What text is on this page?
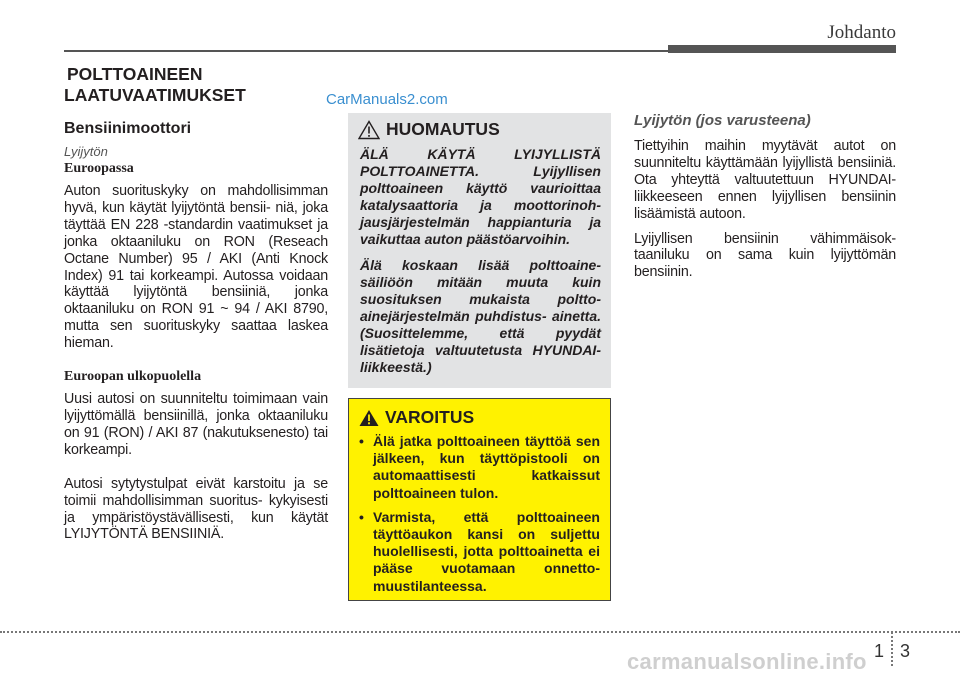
Johdanto
POLTTOAINEEN
LAATUVAATIMUKSET
Bensiinimoottori
Lyijytön
Euroopassa

Auton suorituskyky on mahdollisimman hyvä, kun käytät lyijytöntä bensii- niä, joka täyttää EN 228 -standardin vaatimukset ja jonka oktaaniluku on RON (Reseach Octane Number) 95 / AKI (Anti Knock Index) 91 tai korkeampi. Autossa voidaan käyttää lyijytöntä bensiiniä, jonka oktaaniluku on RON 91 ~ 94 / AKI 8790, mutta sen suorituskyky saattaa laskea hieman.

Euroopan ulkopuolella

Uusi autosi on suunniteltu toimimaan vain lyijyttömällä bensiinillä, jonka oktaaniluku on 91 (RON) / AKI 87 (nakutuksenesto) tai korkeampi.

Autosi sytytystulpat eivät karstoitu ja se toimii mahdollisimman suoritus- kykyisesti ja ympäristöystävällisesti, kun käytät LYIJYTÖNTÄ BENSIINIÄ.

CarManuals2.com
HUOMAUTUS

ÄLÄ KÄYTÄ LYIJYLLISTÄ POLTTOAINETTA. Lyijyllisen polttoaineen käyttö vaurioittaa katalysaattoria ja moottorinoh- jausjärjestelmän happianturia ja vaikuttaa auton päästöarvoihin.

Älä koskaan lisää polttoaine- säiliöön mitään muuta kuin suosituksen mukaista poltto- ainejärjestelmän puhdistus- ainetta. (Suosittelemme, että pyydät lisätietoja valtuutetusta HYUNDAI-liikkeestä.)

VAROITUS
• Älä jatka polttoaineen täyttöä sen jälkeen, kun täyttöpistooli on automaattisesti katkaissut polttoaineen tulon.
• Varmista, että polttoaineen täyttöaukon kansi on suljettu huolellisesti, jotta polttoainetta ei pääse vuotamaan onnetto- muustilanteessa.
Lyijytön (jos varusteena)

Tiettyihin maihin myytävät autot on suunniteltu käyttämään lyijyllistä bensiiniä. Ota yhteyttä valtuutettuun HYUNDAI-liikkeeseen ennen lyijyllisen bensiinin lisäämistä autoon.

Lyijyllisen bensiinin vähimmäisok- taaniluku on sama kuin lyijyttömän bensiinin.

1 3
carmanualsonline.info
